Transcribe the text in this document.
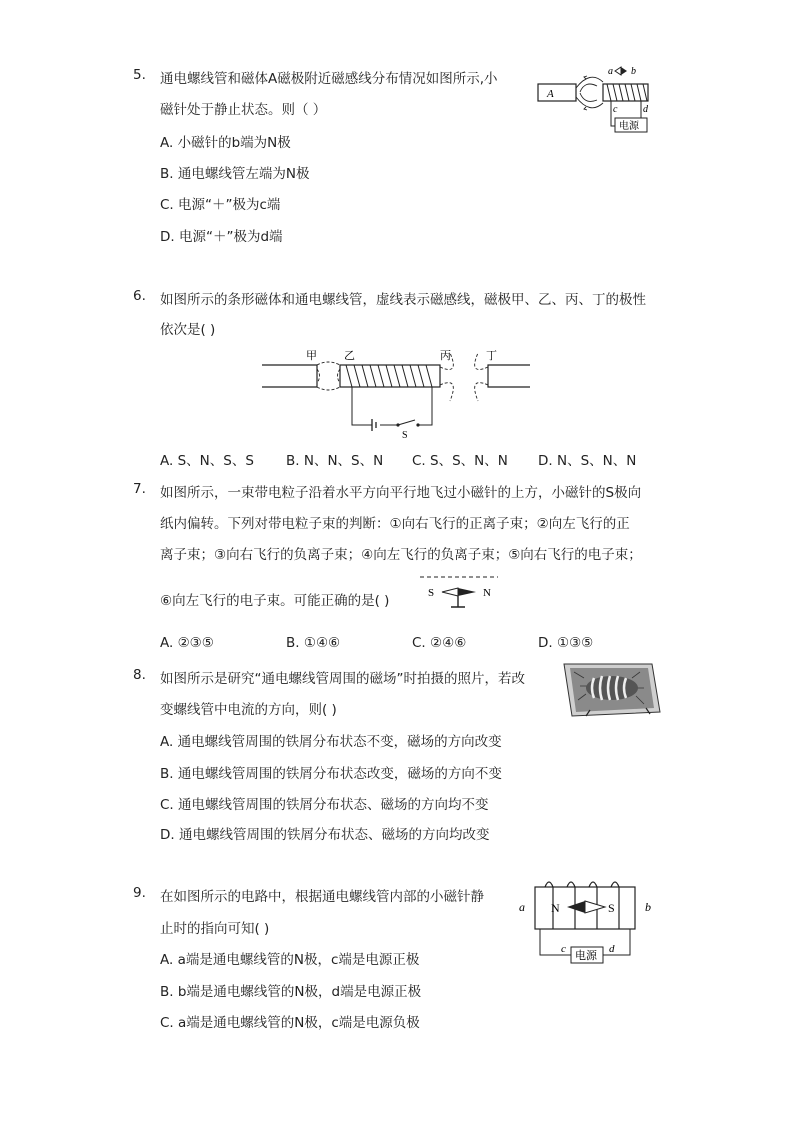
5. 通电螺线管和磁体A磁极附近磁感线分布情况如图所示,小
磁针处于静止状态。则（ ）
A. 小磁针的b端为N极
B. 通电螺线管左端为N极
C. 电源“＋”极为c端
D. 电源“＋”极为d端
A
a b
c	d
电源
6. 如图所示的条形磁体和通电螺线管，虚线表示磁感线，磁极甲、乙、丙、丁的极性
依次是( )
甲 乙	丙	丁
S
A. S、N、S、S B. N、N、S、N C. S、S、N、N D. N、S、N、N
7. 如图所示，一束带电粒子沿着水平方向平行地飞过小磁针的上方，小磁针的S极向
纸内偏转。下列对带电粒子束的判断：①向右飞行的正离子束；②向左飞行的正
离子束；③向右飞行的负离子束；④向左飞行的负离子束；⑤向右飞行的电子束；
⑥向左飞行的电子束。可能正确的是( )	S	N
A. ②③⑤	B. ①④⑥	C. ②④⑥	D. ①③⑤
8. 如图所示是研究“通电螺线管周围的磁场”时拍摄的照片，若改
变螺线管中电流的方向，则( )
A. 通电螺线管周围的铁屑分布状态不变，磁场的方向改变
B. 通电螺线管周围的铁屑分布状态改变，磁场的方向不变
C. 通电螺线管周围的铁屑分布状态、磁场的方向均不变
D. 通电螺线管周围的铁屑分布状态、磁场的方向均改变
9. 在如图所示的电路中，根据通电螺线管内部的小磁针静
止时的指向可知( )
a	b
N	S
电源
c	d
A. a端是通电螺线管的N极，c端是电源正极
B. b端是通电螺线管的N极，d端是电源正极
C. a端是通电螺线管的N极，c端是电源负极
